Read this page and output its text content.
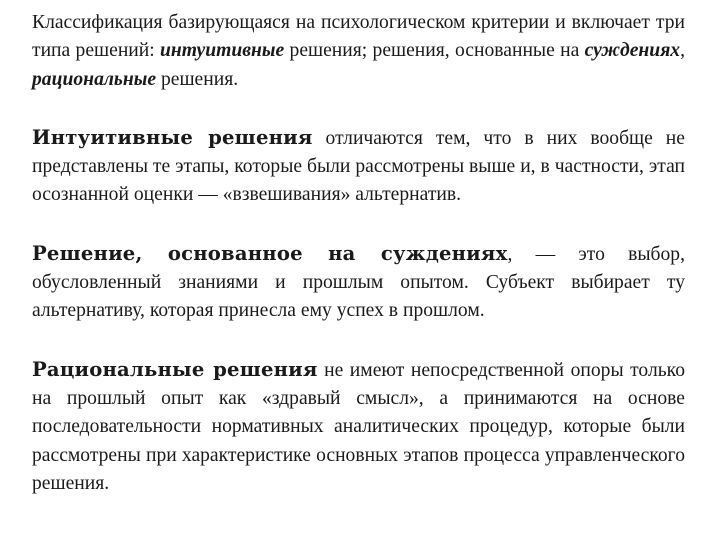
Классификация базирующаяся на психологическом критерии и включает три типа решений: интуитивные решения; решения, основанные на суждениях, рациональные решения.

Интуитивные решения отличаются тем, что в них вообще не представлены те этапы, которые были рассмотрены выше и, в частности, этап осознанной оценки — «взвешивания» альтернатив.

Решение, основанное на суждениях, — это выбор, обусловленный знаниями и прошлым опытом. Субъект выбирает ту альтернативу, которая принесла ему успех в прошлом.

Рациональные решения не имеют непосредственной опоры только на прошлый опыт как «здравый смысл», а принимаются на основе последовательности нормативных аналитических процедур, которые были рассмотрены при характеристике основных этапов процесса управленческого решения.
